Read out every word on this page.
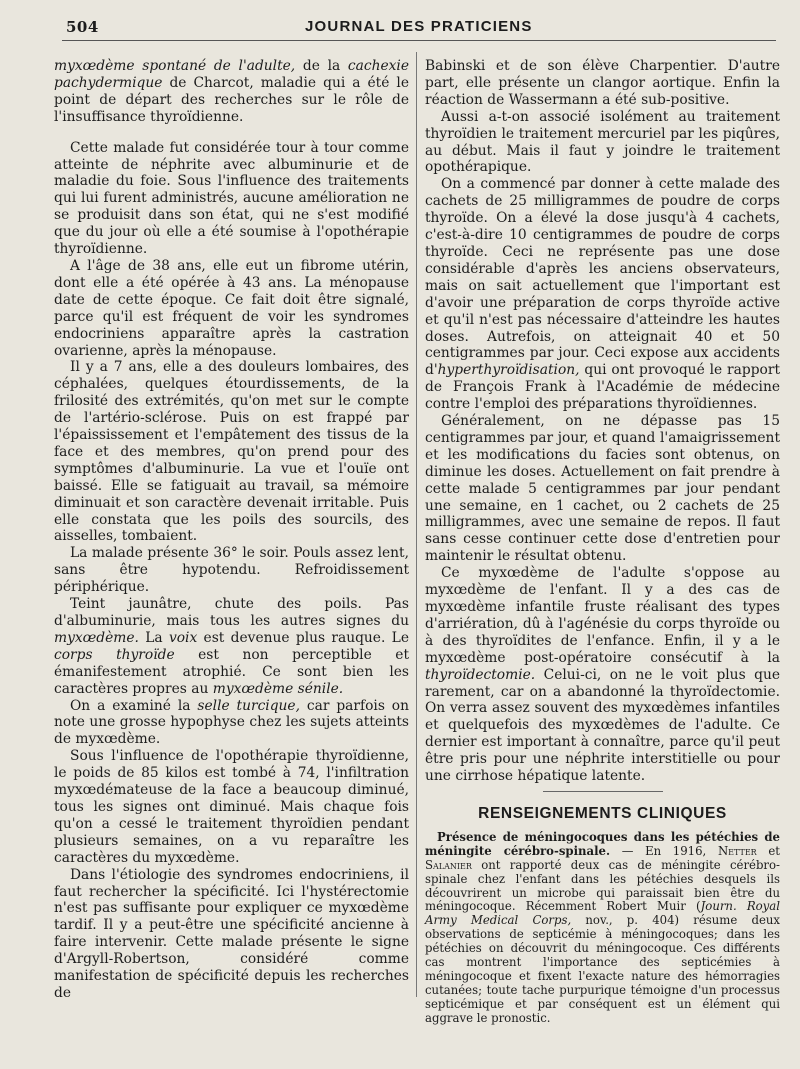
504	JOURNAL DES PRATICIENS

myxœdème spontané de l'adulte, de la cachexie pachydermique de Charcot, maladie qui a été le point de départ des recherches sur le rôle de l'insuffisance thyroïdienne.

Cette malade fut considérée tour à tour comme atteinte de néphrite avec albuminurie et de maladie du foie. Sous l'influence des traitements qui lui furent administrés, aucune amélioration ne se produisit dans son état, qui ne s'est modifié que du jour où elle a été soumise à l'opothérapie thyroïdienne.

A l'âge de 38 ans, elle eut un fibrome utérin, dont elle a été opérée à 43 ans. La ménopause date de cette époque. Ce fait doit être signalé, parce qu'il est fréquent de voir les syndromes endocriniens apparaître après la castration ovarienne, après la ménopause.

Il y a 7 ans, elle a des douleurs lombaires, des céphalées, quelques étourdissements, de la frilosité des extrémités, qu'on met sur le compte de l'artério-sclérose. Puis on est frappé par l'épaississement et l'empâtement des tissus de la face et des membres, qu'on prend pour des symptômes d'albuminurie. La vue et l'ouïe ont baissé. Elle se fatiguait au travail, sa mémoire diminuait et son caractère devenait irritable. Puis elle constata que les poils des sourcils, des aisselles, tombaient.

La malade présente 36° le soir. Pouls assez lent, sans être hypotendu. Refroidissement périphérique.

Teint jaunâtre, chute des poils. Pas d'albuminurie, mais tous les autres signes du myxœdème. La voix est devenue plus rauque. Le corps thyroïde est non perceptible et émanifestement atrophié. Ce sont bien les caractères propres au myxœdème sénile.

On a examiné la selle turcique, car parfois on note une grosse hypophyse chez les sujets atteints de myxœdème.

Sous l'influence de l'opothérapie thyroïdienne, le poids de 85 kilos est tombé à 74, l'infiltration myxœdémateuse de la face a beaucoup diminué, tous les signes ont diminué. Mais chaque fois qu'on a cessé le traitement thyroïdien pendant plusieurs semaines, on a vu reparaître les caractères du myxœdème.

Dans l'étiologie des syndromes endocriniens, il faut rechercher la spécificité. Ici l'hystérectomie n'est pas suffisante pour expliquer ce myxœdème tardif. Il y a peut-être une spécificité ancienne à faire intervenir. Cette malade présente le signe d'Argyll-Robertson, considéré comme manifestation de spécificité depuis les recherches de

Babinski et de son élève Charpentier. D'autre part, elle présente un clangor aortique. Enfin la réaction de Wassermann a été sub-positive.

Aussi a-t-on associé isolément au traitement thyroïdien le traitement mercuriel par les piqûres, au début. Mais il faut y joindre le traitement opothérapique.

On a commencé par donner à cette malade des cachets de 25 milligrammes de poudre de corps thyroïde. On a élevé la dose jusqu'à 4 cachets, c'est-à-dire 10 centigrammes de poudre de corps thyroïde. Ceci ne représente pas une dose considérable d'après les anciens observateurs, mais on sait actuellement que l'important est d'avoir une préparation de corps thyroïde active et qu'il n'est pas nécessaire d'atteindre les hautes doses. Autrefois, on atteignait 40 et 50 centigrammes par jour. Ceci expose aux accidents d'hyperthyroïdisation, qui ont provoqué le rapport de François Frank à l'Académie de médecine contre l'emploi des préparations thyroïdiennes.

Généralement, on ne dépasse pas 15 centigrammes par jour, et quand l'amaigrissement et les modifications du facies sont obtenus, on diminue les doses. Actuellement on fait prendre à cette malade 5 centigrammes par jour pendant une semaine, en 1 cachet, ou 2 cachets de 25 milligrammes, avec une semaine de repos. Il faut sans cesse continuer cette dose d'entretien pour maintenir le résultat obtenu.

Ce myxœdème de l'adulte s'oppose au myxœdème de l'enfant. Il y a des cas de myxœdème infantile fruste réalisant des types d'arriération, dû à l'agénésie du corps thyroïde ou à des thyroïdites de l'enfance. Enfin, il y a le myxœdème post-opératoire consécutif à la thyroïdectomie. Celui-ci, on ne le voit plus que rarement, car on a abandonné la thyroïdectomie. On verra assez souvent des myxœdèmes infantiles et quelquefois des myxœdèmes de l'adulte. Ce dernier est important à connaître, parce qu'il peut être pris pour une néphrite interstitielle ou pour une cirrhose hépatique latente.

RENSEIGNEMENTS CLINIQUES

Présence de méningocoques dans les pétéchies de méningite cérébro-spinale. — En 1916, Netter et Salanier ont rapporté deux cas de méningite cérébro-spinale chez l'enfant dans les pétéchies desquels ils découvrirent un microbe qui paraissait bien être du méningocoque. Récemment Robert Muir (Journ. Royal Army Medical Corps, nov., p. 404) résume deux observations de septicémie à méningocoques; dans les pétéchies on découvrit du méningocoque. Ces différents cas montrent l'importance des septicémies à méningocoque et fixent l'exacte nature des hémorragies cutanées; toute tache purpurique témoigne d'un processus septicémique et par conséquent est un élément qui aggrave le pronostic.
